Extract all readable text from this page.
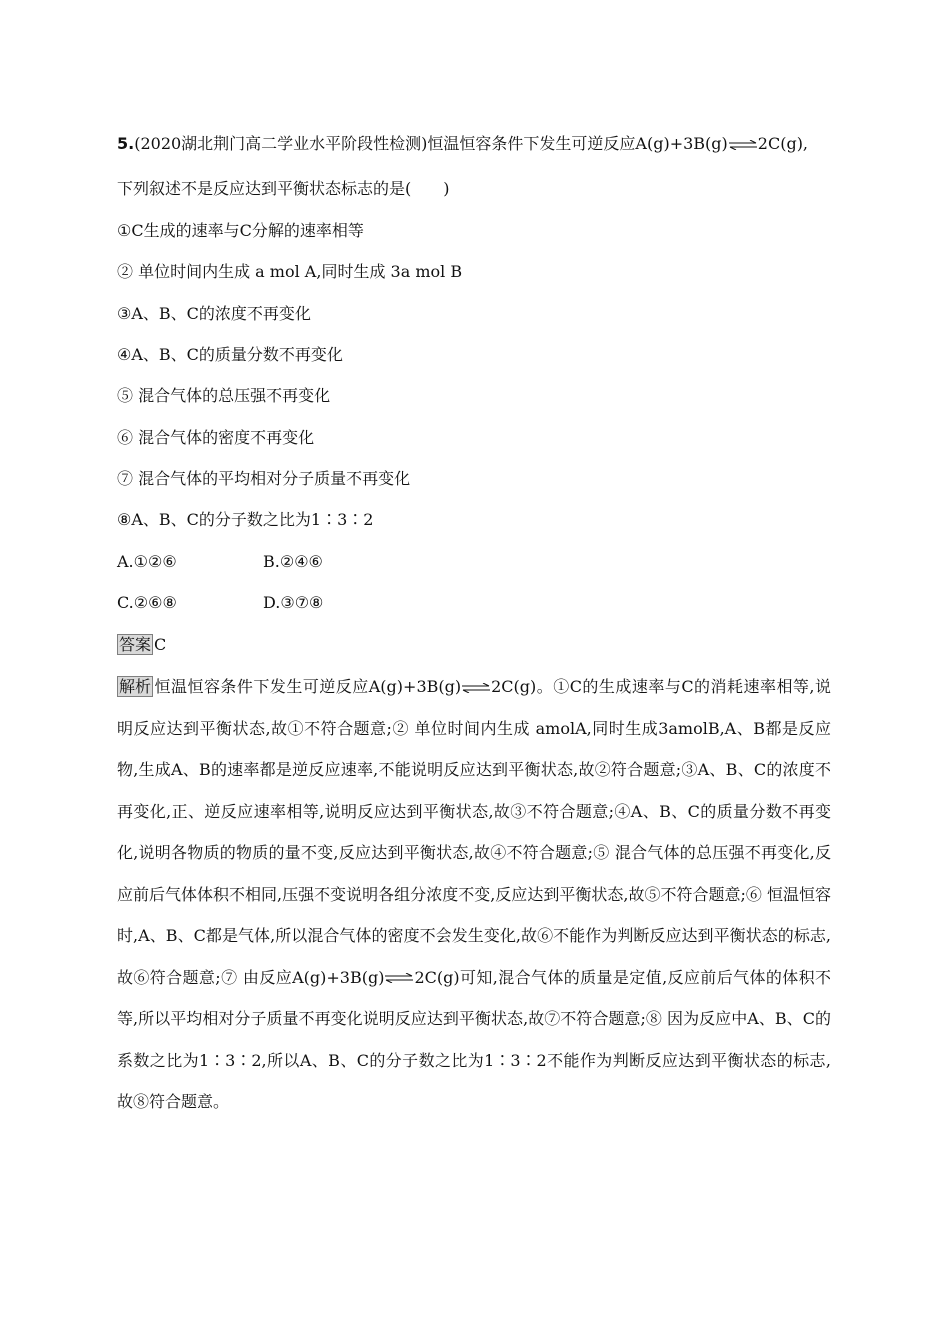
5.(2020湖北荆门高二学业水平阶段性检测)恒温恒容条件下发生可逆反应A(g)+3B(g)⇌2C(g),
下列叙述不是反应达到平衡状态标志的是(　　)
①C生成的速率与C分解的速率相等
② 单位时间内生成 a mol A,同时生成 3a mol B
③A、B、C的浓度不再变化
④A、B、C的质量分数不再变化
⑤ 混合气体的总压强不再变化
⑥ 混合气体的密度不再变化
⑦ 混合气体的平均相对分子质量不再变化
⑧A、B、C的分子数之比为1∶3∶2
A.①②⑥	B.②④⑥
C.②⑥⑧	D.③⑦⑧
答案 C
解析 恒温恒容条件下发生可逆反应A(g)+3B(g)⇌2C(g)。①C的生成速率与C的消耗速率相等,说明反应达到平衡状态,故①不符合题意;② 单位时间内生成 amolA,同时生成3amolB,A、B都是反应物,生成A、B的速率都是逆反应速率,不能说明反应达到平衡状态,故②符合题意;③A、B、C的浓度不再变化,正、逆反应速率相等,说明反应达到平衡状态,故③不符合题意;④A、B、C的质量分数不再变化,说明各物质的物质的量不变,反应达到平衡状态,故④不符合题意;⑤ 混合气体的总压强不再变化,反应前后气体体积不相同,压强不变说明各组分浓度不变,反应达到平衡状态,故⑤不符合题意;⑥ 恒温恒容时,A、B、C都是气体,所以混合气体的密度不会发生变化,故⑥不能作为判断反应达到平衡状态的标志,故⑥符合题意;⑦ 由反应A(g)+3B(g)⇌2C(g)可知,混合气体的质量是定值,反应前后气体的体积不等,所以平均相对分子质量不再变化说明反应达到平衡状态,故⑦不符合题意;⑧ 因为反应中A、B、C的系数之比为1∶3∶2,所以A、B、C的分子数之比为1∶3∶2不能作为判断反应达到平衡状态的标志,故⑧符合题意。
